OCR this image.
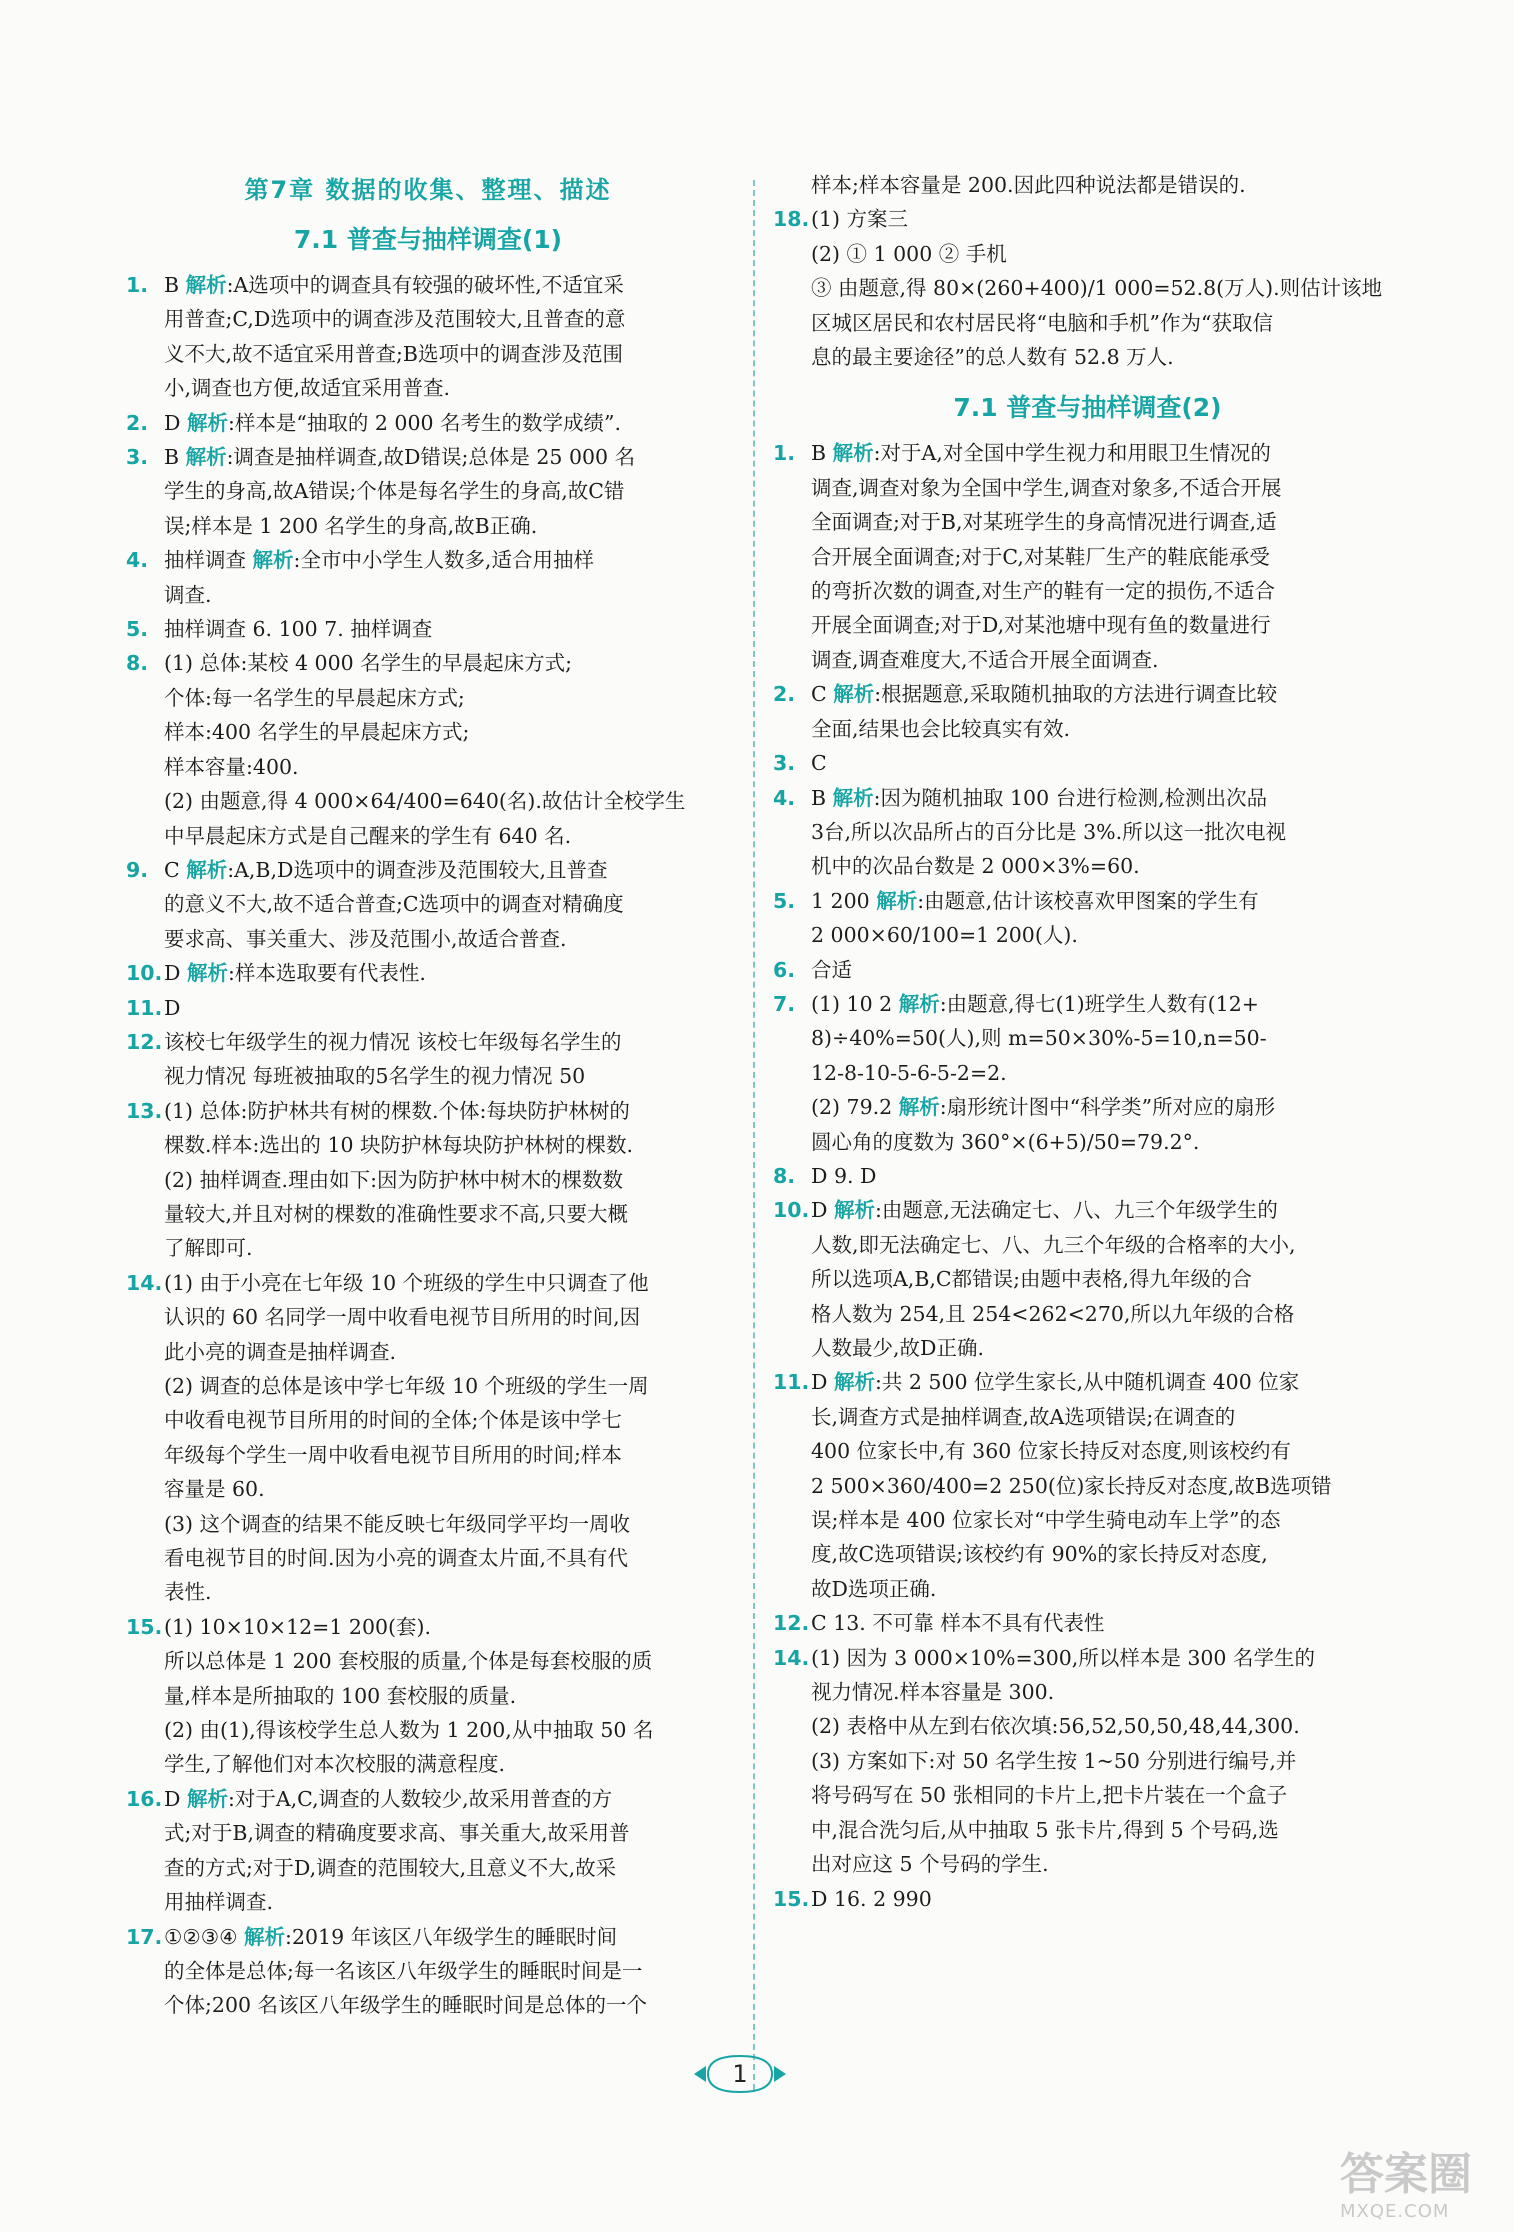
第7章 数据的收集、整理、描述
7.1 普查与抽样调查(1)
1. B 解析:A选项中的调查具有较强的破坏性,不适宜采
用普查;C,D选项中的调查涉及范围较大,且普查的意
义不大,故不适宜采用普查;B选项中的调查涉及范围
小,调查也方便,故适宜采用普查.
2. D 解析:样本是“抽取的 2 000 名考生的数学成绩”.
3. B 解析:调查是抽样调查,故D错误;总体是 25 000 名
学生的身高,故A错误;个体是每名学生的身高,故C错
误;样本是 1 200 名学生的身高,故B正确.
4. 抽样调查 解析:全市中小学生人数多,适合用抽样
调查.
5. 抽样调查 6. 100 7. 抽样调查
8. (1) 总体:某校 4 000 名学生的早晨起床方式;
个体:每一名学生的早晨起床方式;
样本:400 名学生的早晨起床方式;
样本容量:400.
(2) 由题意,得 4 000×64/400=640(名).故估计全校学生
中早晨起床方式是自己醒来的学生有 640 名.
9. C 解析:A,B,D选项中的调查涉及范围较大,且普查
的意义不大,故不适合普查;C选项中的调查对精确度
要求高、事关重大、涉及范围小,故适合普查.
10. D 解析:样本选取要有代表性.
11. D
12. 该校七年级学生的视力情况 该校七年级每名学生的
视力情况 每班被抽取的5名学生的视力情况 50
13. (1) 总体:防护林共有树的棵数.个体:每块防护林树的
棵数.样本:选出的 10 块防护林每块防护林树的棵数.
(2) 抽样调查.理由如下:因为防护林中树木的棵数数
量较大,并且对树的棵数的准确性要求不高,只要大概
了解即可.
14. (1) 由于小亮在七年级 10 个班级的学生中只调查了他
认识的 60 名同学一周中收看电视节目所用的时间,因
此小亮的调查是抽样调查.
(2) 调查的总体是该中学七年级 10 个班级的学生一周
中收看电视节目所用的时间的全体;个体是该中学七
年级每个学生一周中收看电视节目所用的时间;样本
容量是 60.
(3) 这个调查的结果不能反映七年级同学平均一周收
看电视节目的时间.因为小亮的调查太片面,不具有代
表性.
15. (1) 10×10×12=1 200(套).
所以总体是 1 200 套校服的质量,个体是每套校服的质
量,样本是所抽取的 100 套校服的质量.
(2) 由(1),得该校学生总人数为 1 200,从中抽取 50 名
学生,了解他们对本次校服的满意程度.
16. D 解析:对于A,C,调查的人数较少,故采用普查的方
式;对于B,调查的精确度要求高、事关重大,故采用普
查的方式;对于D,调查的范围较大,且意义不大,故采
用抽样调查.
17. ①②③④ 解析:2019 年该区八年级学生的睡眠时间
的全体是总体;每一名该区八年级学生的睡眠时间是一
个体;200 名该区八年级学生的睡眠时间是总体的一个
样本;样本容量是 200.因此四种说法都是错误的.
18. (1) 方案三
(2) ① 1 000 ② 手机
③ 由题意,得 80×(260+400)/1 000=52.8(万人).则估计该地
区城区居民和农村居民将“电脑和手机”作为“获取信
息的最主要途径”的总人数有 52.8 万人.
7.1 普查与抽样调查(2)
1. B 解析:对于A,对全国中学生视力和用眼卫生情况的
调查,调查对象为全国中学生,调查对象多,不适合开展
全面调查;对于B,对某班学生的身高情况进行调查,适
合开展全面调查;对于C,对某鞋厂生产的鞋底能承受
的弯折次数的调查,对生产的鞋有一定的损伤,不适合
开展全面调查;对于D,对某池塘中现有鱼的数量进行
调查,调查难度大,不适合开展全面调查.
2. C 解析:根据题意,采取随机抽取的方法进行调查比较
全面,结果也会比较真实有效.
3. C
4. B 解析:因为随机抽取 100 台进行检测,检测出次品
3台,所以次品所占的百分比是 3%.所以这一批次电视
机中的次品台数是 2 000×3%=60.
5. 1 200 解析:由题意,估计该校喜欢甲图案的学生有
2 000×60/100=1 200(人).
6. 合适
7. (1) 10 2 解析:由题意,得七(1)班学生人数有(12+
8)÷40%=50(人),则 m=50×30%-5=10,n=50-
12-8-10-5-6-5-2=2.
(2) 79.2 解析:扇形统计图中“科学类”所对应的扇形
圆心角的度数为 360°×(6+5)/50=79.2°.
8. D 9. D
10. D 解析:由题意,无法确定七、八、九三个年级学生的
人数,即无法确定七、八、九三个年级的合格率的大小,
所以选项A,B,C都错误;由题中表格,得九年级的合
格人数为 254,且 254<262<270,所以九年级的合格
人数最少,故D正确.
11. D 解析:共 2 500 位学生家长,从中随机调查 400 位家
长,调查方式是抽样调查,故A选项错误;在调查的
400 位家长中,有 360 位家长持反对态度,则该校约有
2 500×360/400=2 250(位)家长持反对态度,故B选项错
误;样本是 400 位家长对“中学生骑电动车上学”的态
度,故C选项错误;该校约有 90%的家长持反对态度,
故D选项正确.
12. C 13. 不可靠 样本不具有代表性
14. (1) 因为 3 000×10%=300,所以样本是 300 名学生的
视力情况.样本容量是 300.
(2) 表格中从左到右依次填:56,52,50,50,48,44,300.
(3) 方案如下:对 50 名学生按 1~50 分别进行编号,并
将号码写在 50 张相同的卡片上,把卡片装在一个盒子
中,混合洗匀后,从中抽取 5 张卡片,得到 5 个号码,选
出对应这 5 个号码的学生.
15. D 16. 2 990
1
答案圈
MXQE.COM
